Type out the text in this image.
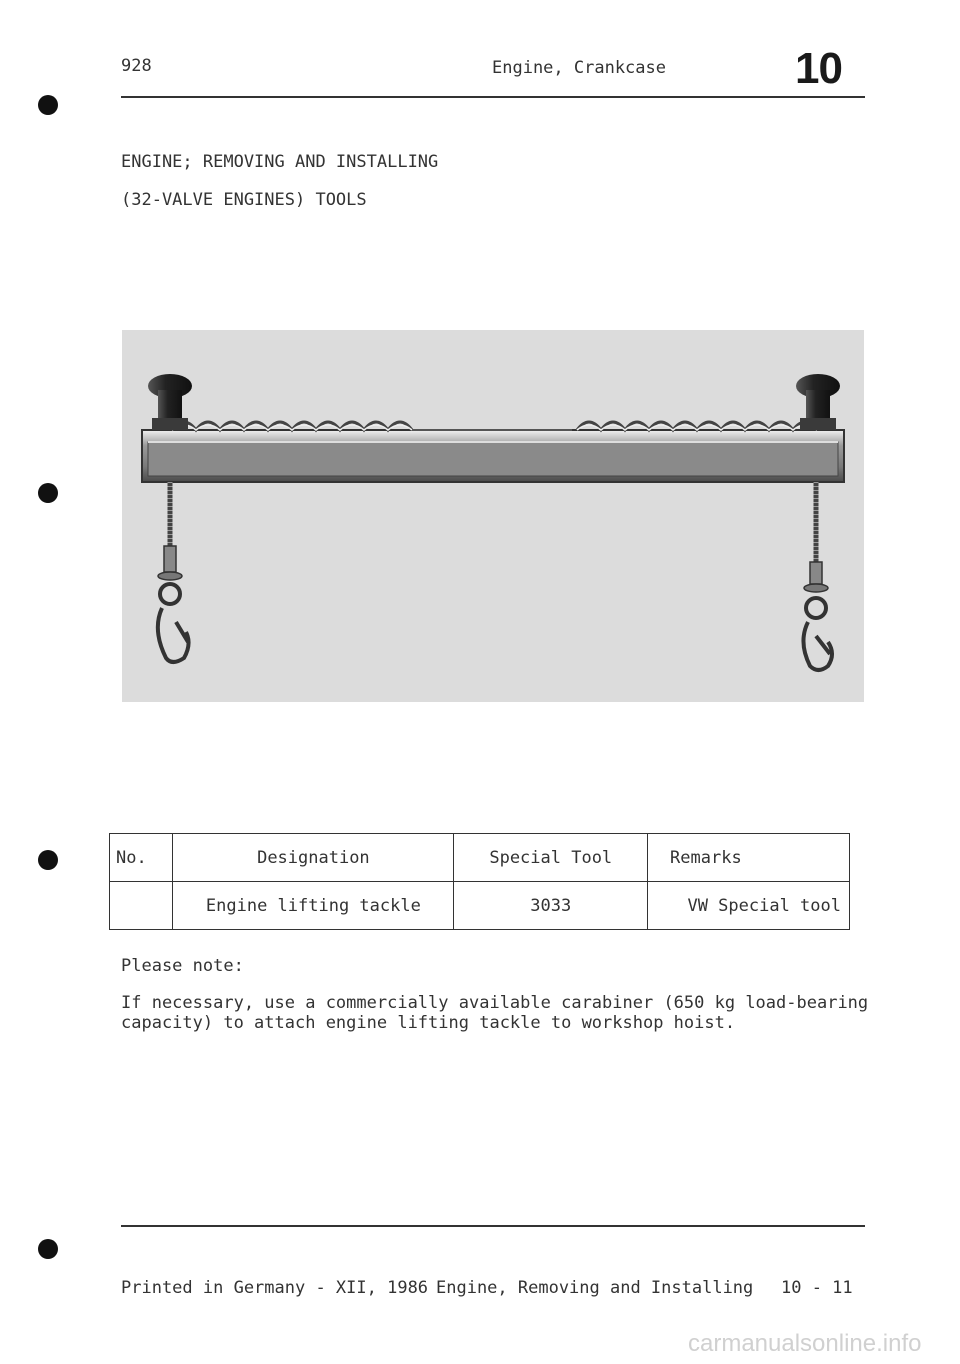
928	Engine, Crankcase	10
ENGINE; REMOVING AND INSTALLING
(32-VALVE ENGINES) TOOLS
No.	Designation	Special Tool	Remarks
	Engine lifting tackle	3033	VW Special tool
Please note:
If necessary, use a commercially available carabiner (650 kg load-bearing
capacity) to attach engine lifting tackle to workshop hoist.
Printed in Germany - XII, 1986 Engine, Removing and Installing 10 - 11
carmanualsonline.info
